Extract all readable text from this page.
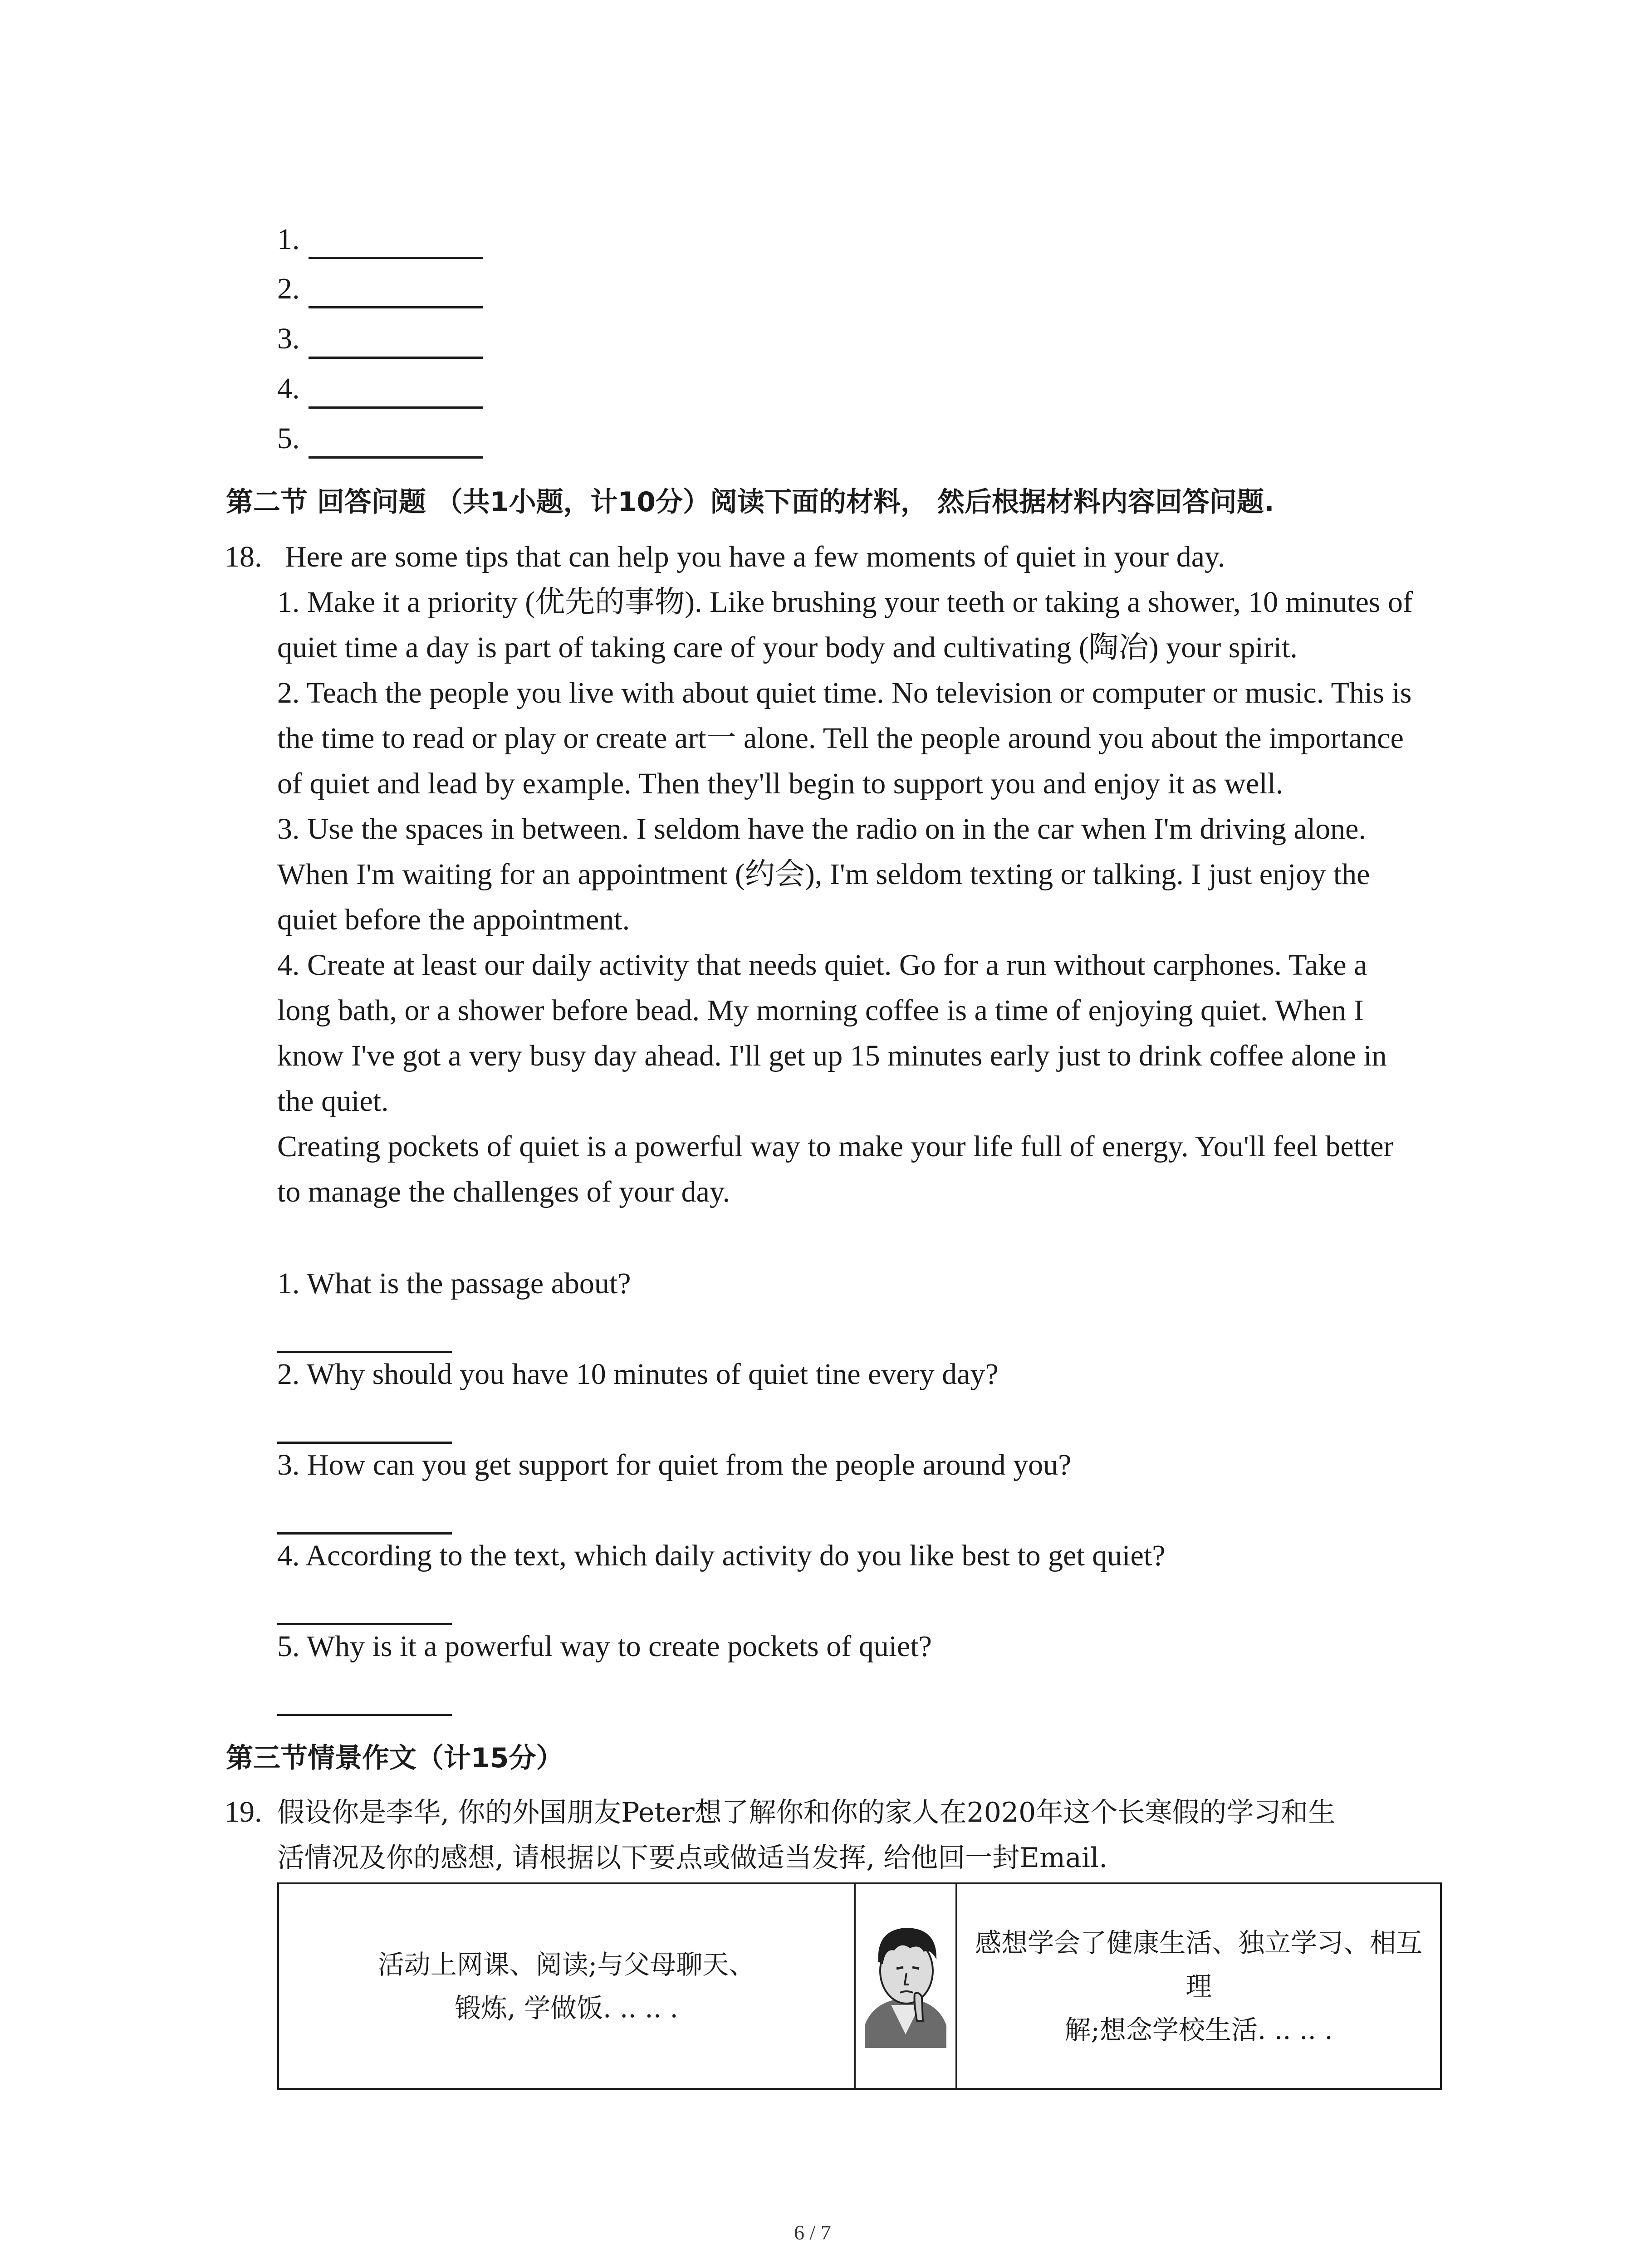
1.
2.
3.
4.
5.
第二节 回答问题 （共1小题，计10分）阅读下面的材料， 然后根据材料内容回答问题.
18. Here are some tips that can help you have a few moments of quiet in your day.
1. Make it a priority (优先的事物). Like brushing your teeth or taking a shower, 10 minutes of
quiet time a day is part of taking care of your body and cultivating (陶冶) your spirit.
2. Teach the people you live with about quiet time. No television or computer or music. This is
the time to read or play or create art一 alone. Tell the people around you about the importance
of quiet and lead by example. Then they'll begin to support you and enjoy it as well.
3. Use the spaces in between. I seldom have the radio on in the car when I'm driving alone.
When I'm waiting for an appointment (约会), I'm seldom texting or talking. I just enjoy the
quiet before the appointment.
4. Create at least our daily activity that needs quiet. Go for a run without carphones. Take a
long bath, or a shower before bead. My morning coffee is a time of enjoying quiet. When I
know I've got a very busy day ahead. I'll get up 15 minutes early just to drink coffee alone in
the quiet.
Creating pockets of quiet is a powerful way to make your life full of energy. You'll feel better
to manage the challenges of your day.
1. What is the passage about?
2. Why should you have 10 minutes of quiet tine every day?
3. How can you get support for quiet from the people around you?
4. According to the text, which daily activity do you like best to get quiet?
5. Why is it a powerful way to create pockets of quiet?
第三节情景作文（计15分）
19. 假设你是李华, 你的外国朋友Peter想了解你和你的家人在2020年这个长寒假的学习和生
活情况及你的感想, 请根据以下要点或做适当发挥, 给他回一封Email.
活动上网课、阅读;与父母聊天、
锻炼, 学做饭. .. .. .

感想学会了健康生活、独立学习、相互理
解;想念学校生活. .. .. .
6 / 7
